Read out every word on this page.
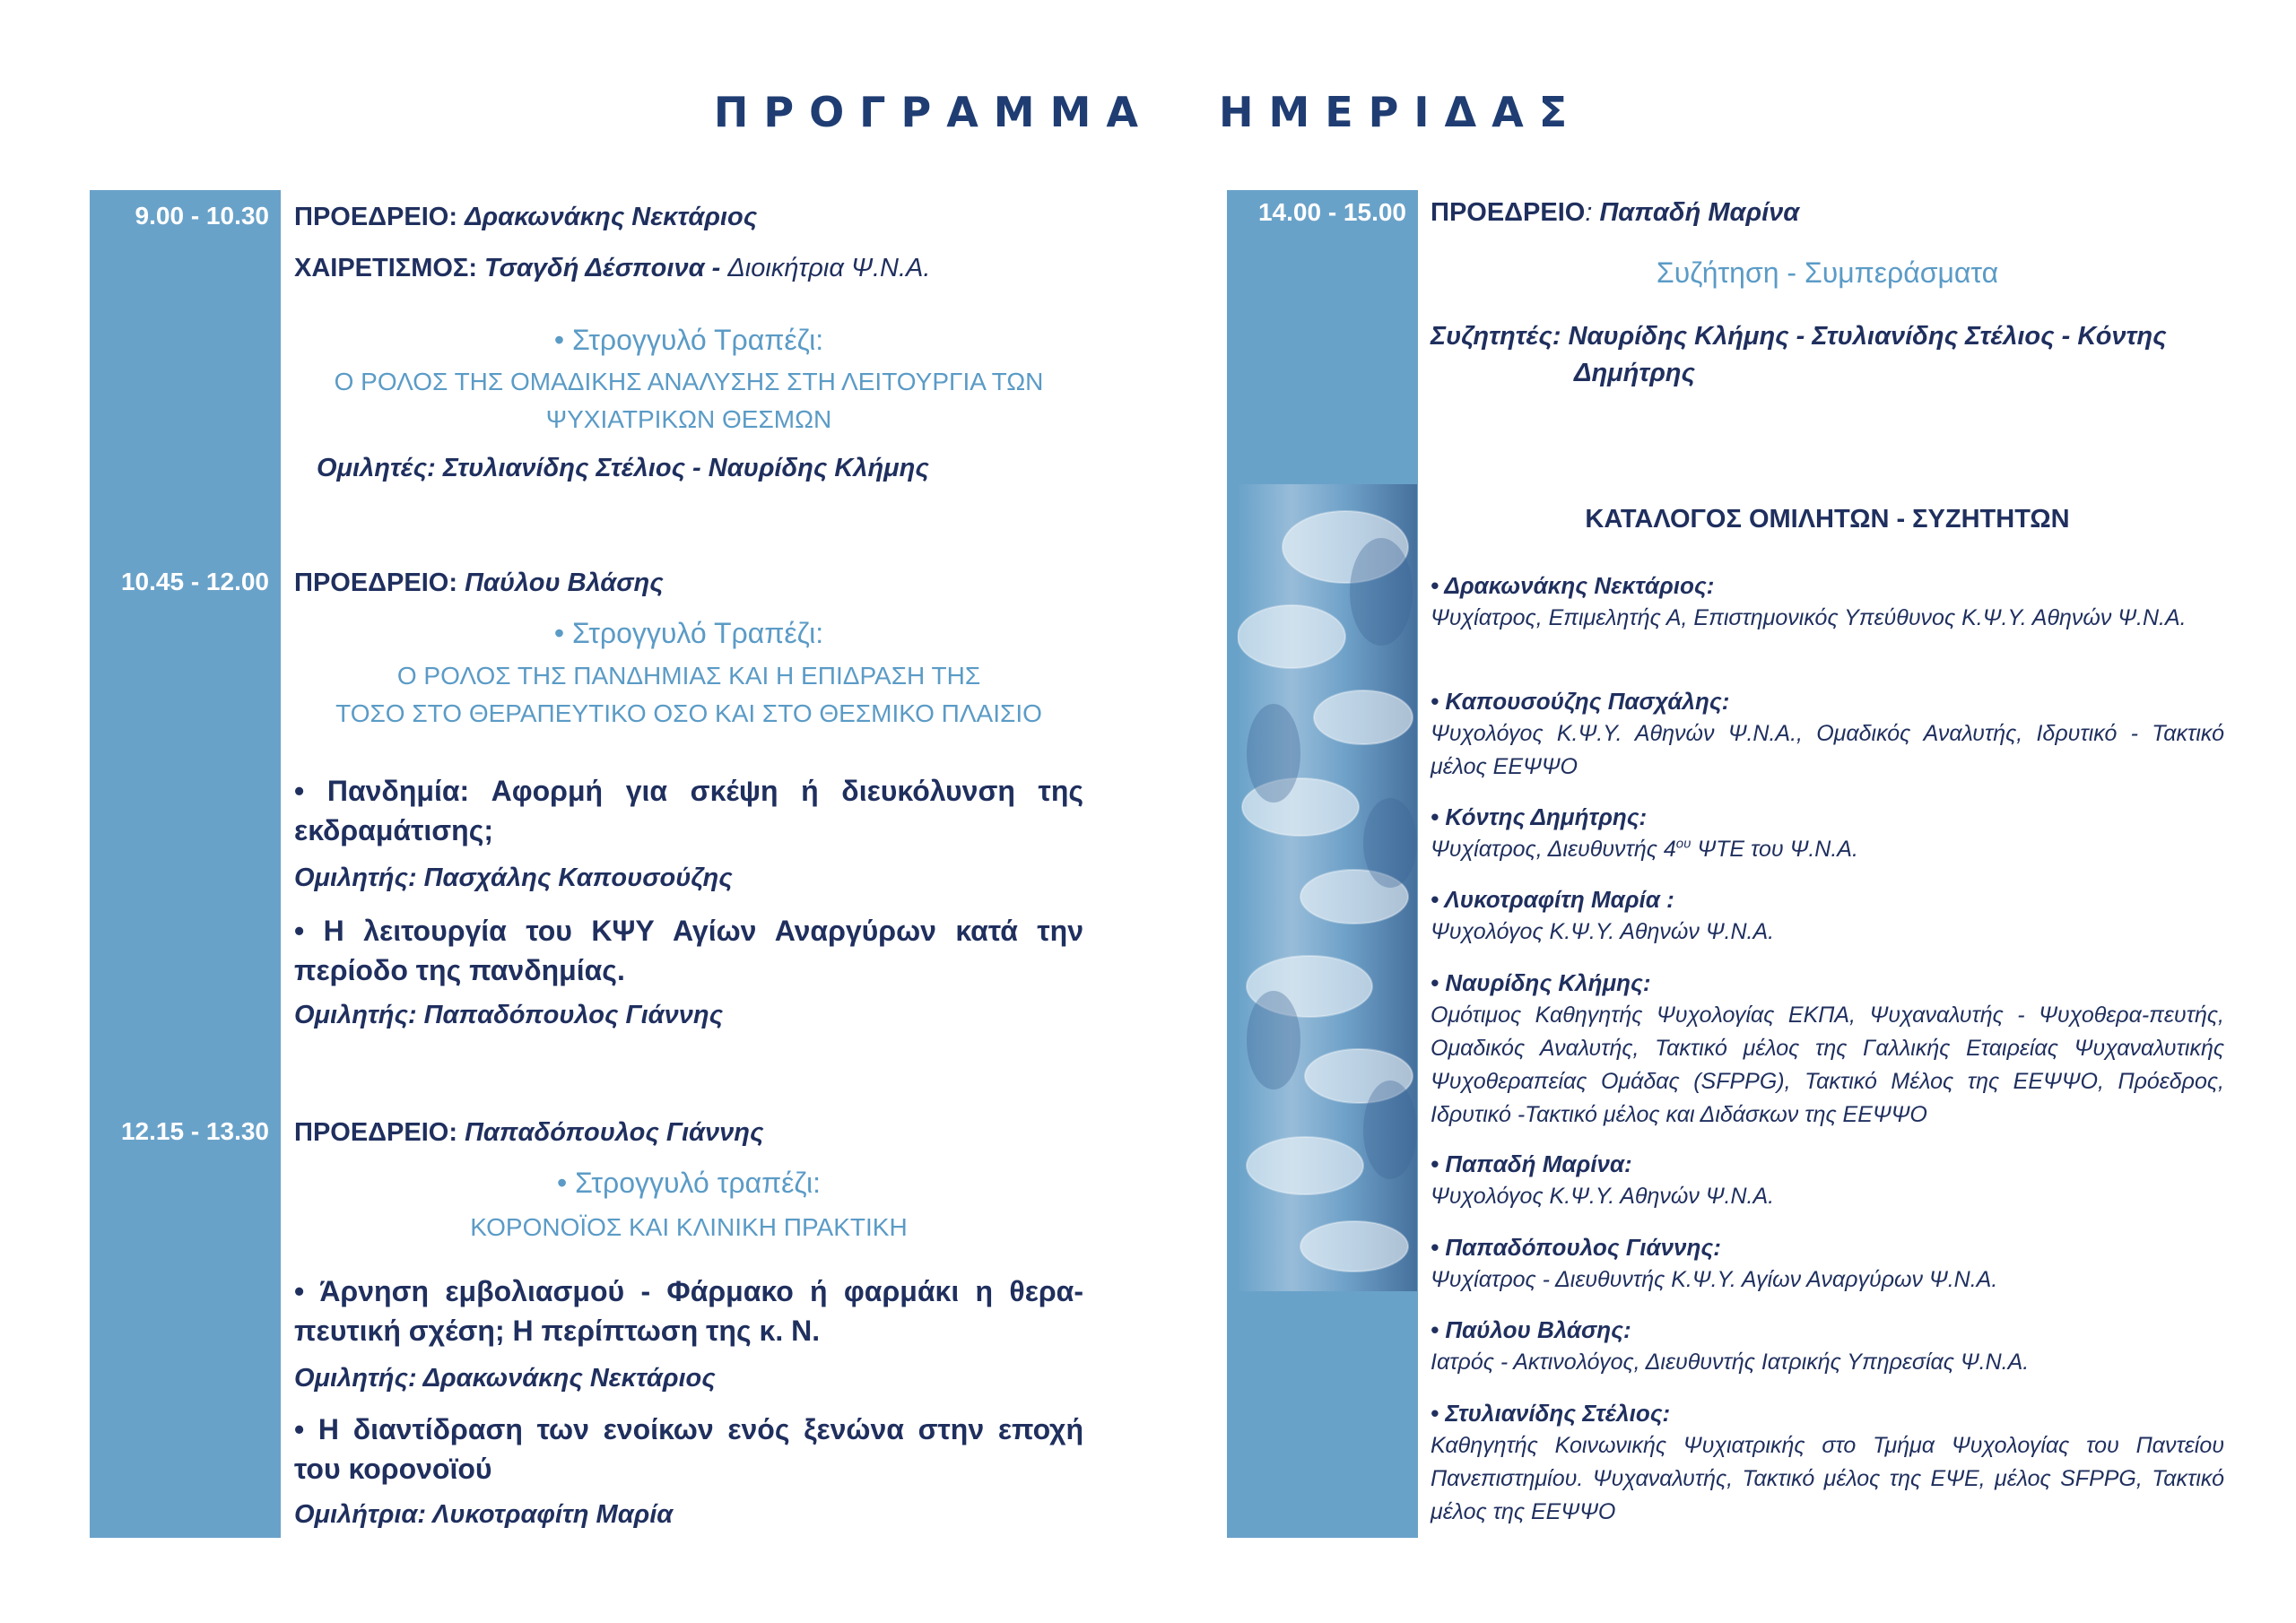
ΠΡΟΓΡΑΜΜΑ ΗΜΕΡΙΔΑΣ
9.00 - 10.30
10.45 - 12.00
12.15 - 13.30
14.00 - 15.00
ΠΡΟΕΔΡΕΙΟ: Δρακωνάκης Νεκτάριος
ΧΑΙΡΕΤΙΣΜΟΣ: Τσαγδή Δέσποινα - Διοικήτρια Ψ.Ν.Α.
• Στρογγυλό Τραπέζι:
Ο ΡΟΛΟΣ ΤΗΣ ΟΜΑΔΙΚΗΣ ΑΝΑΛΥΣΗΣ ΣΤΗ ΛΕΙΤΟΥΡΓΙΑ ΤΩΝ
ΨΥΧΙΑΤΡΙΚΩΝ ΘΕΣΜΩΝ
Ομιλητές: Στυλιανίδης Στέλιος - Ναυρίδης Κλήμης
ΠΡΟΕΔΡΕΙΟ: Παύλου Βλάσης
• Στρογγυλό Τραπέζι:
Ο ΡΟΛΟΣ ΤΗΣ ΠΑΝΔΗΜΙΑΣ ΚΑΙ Η ΕΠΙΔΡΑΣΗ ΤΗΣ
ΤΟΣΟ ΣΤΟ ΘΕΡΑΠΕΥΤΙΚΟ ΟΣΟ ΚΑΙ ΣΤΟ ΘΕΣΜΙΚΟ ΠΛΑΙΣΙΟ
• Πανδημία: Αφορμή για σκέψη ή διευκόλυνση της εκδραμάτισης;
Ομιλητής: Πασχάλης Καπουσούζης
• Η λειτουργία του ΚΨΥ Αγίων Αναργύρων κατά την περίοδο της πανδημίας.
Ομιλητής: Παπαδόπουλος Γιάννης
ΠΡΟΕΔΡΕΙΟ: Παπαδόπουλος Γιάννης
• Στρογγυλό τραπέζι:
ΚΟΡΟΝΟΪΟΣ ΚΑΙ ΚΛΙΝΙΚΗ ΠΡΑΚΤΙΚΗ
• Άρνηση εμβολιασμού - Φάρμακο ή φαρμάκι η θερα-πευτική σχέση; Η περίπτωση της κ. Ν.
Ομιλητής: Δρακωνάκης Νεκτάριος
• Η διαντίδραση των ενοίκων ενός ξενώνα στην εποχή του κορονοϊού
Ομιλήτρια: Λυκοτραφίτη Μαρία
ΠΡΟΕΔΡΕΙΟ: Παπαδή Μαρίνα
Συζήτηση - Συμπεράσματα
Συζητητές: Ναυρίδης Κλήμης - Στυλιανίδης Στέλιος - Κόντης
Δημήτρης
ΚΑΤΑΛΟΓΟΣ ΟΜΙΛΗΤΩΝ - ΣΥΖΗΤΗΤΩΝ
• Δρακωνάκης Νεκτάριος:
Ψυχίατρος, Επιμελητής Α, Επιστημονικός Υπεύθυνος Κ.Ψ.Υ. Αθηνών Ψ.Ν.Α.
• Καπουσούζης Πασχάλης:
Ψυχολόγος Κ.Ψ.Υ. Αθηνών Ψ.Ν.Α., Ομαδικός Αναλυτής, Ιδρυτικό - Τακτικό μέλος ΕΕΨΨΟ
• Κόντης Δημήτρης:
Ψυχίατρος, Διευθυντής $4^{o\upsilon}$ ΨΤΕ του Ψ.Ν.Α.
• Λυκοτραφίτη Μαρία :
Ψυχολόγος Κ.Ψ.Υ. Αθηνών Ψ.Ν.Α.
• Ναυρίδης Κλήμης:
Ομότιμος Καθηγητής Ψυχολογίας ΕΚΠΑ, Ψυχαναλυτής - Ψυχοθερα-πευτής, Ομαδικός Αναλυτής, Τακτικό μέλος της Γαλλικής Εταιρείας Ψυχαναλυτικής Ψυχοθεραπείας Ομάδας (SFPPG), Τακτικό Μέλος της ΕΕΨΨΟ, Πρόεδρος, Ιδρυτικό -Τακτικό μέλος και Διδάσκων της ΕΕΨΨΟ
• Παπαδή Μαρίνα:
Ψυχολόγος Κ.Ψ.Υ. Αθηνών Ψ.Ν.Α.
• Παπαδόπουλος Γιάννης:
Ψυχίατρος - Διευθυντής Κ.Ψ.Υ. Αγίων Αναργύρων Ψ.Ν.Α.
• Παύλου Βλάσης:
Ιατρός - Ακτινολόγος, Διευθυντής Ιατρικής Υπηρεσίας Ψ.Ν.Α.
• Στυλιανίδης Στέλιος:
Καθηγητής Κοινωνικής Ψυχιατρικής στο Τμήμα Ψυχολογίας του Παντείου Πανεπιστημίου. Ψυχαναλυτής, Τακτικό μέλος της ΕΨΕ, μέλος SFPPG, Τακτικό μέλος της ΕΕΨΨΟ
